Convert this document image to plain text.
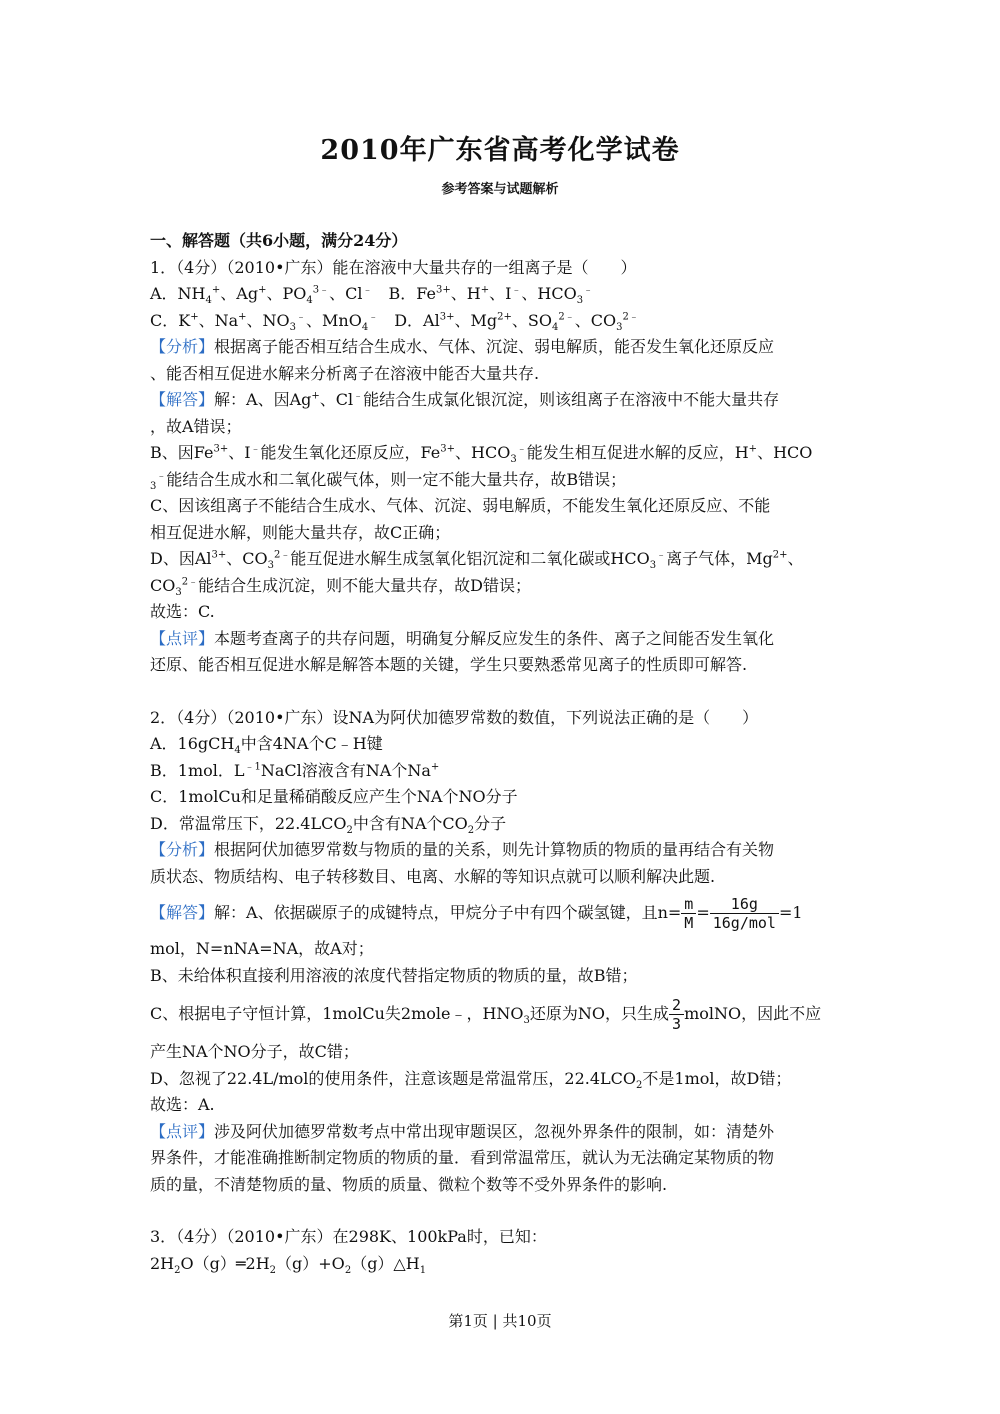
2010年广东省高考化学试卷
参考答案与试题解析
一、解答题（共6小题，满分24分）
1．（4分）（2010•广东）能在溶液中大量共存的一组离子是（　　）
A．$NH_4^+$、Ag+、$PO_4^{3﹣}$、Cl﹣　B．$Fe^{3+}$、H+、I﹣、$HCO_3^﹣$
C．K+、Na+、$NO_3^﹣$、MnO$_4$﹣　D．$Al^{3+}$、$Mg^{2+}$、$SO_4^{2﹣}$、$CO_3^{2﹣}$
【分析】根据离子能否相互结合生成水、气体、沉淀、弱电解质，能否发生氧化还原反应
、能否相互促进水解来分析离子在溶液中能否大量共存.
【解答】解：A、因Ag+、Cl﹣能结合生成氯化银沉淀，则该组离子在溶液中不能大量共存
，故A错误；
B、因$Fe^{3+}$、I﹣能发生氧化还原反应，$Fe^{3+}$、$HCO_3^﹣$能发生相互促进水解的反应，H+、HCO
$_3$﹣能结合生成水和二氧化碳气体，则一定不能大量共存，故B错误；
C、因该组离子不能结合生成水、气体、沉淀、弱电解质，不能发生氧化还原反应、不能
相互促进水解，则能大量共存，故C正确；
D、因$Al^{3+}$、$CO_3^{2﹣}$能互促进水解生成氢氧化铝沉淀和二氧化碳或$HCO_3^﹣$离子气体，$Mg^{2+}$、
$CO_3^{2﹣}$能结合生成沉淀，则不能大量共存，故D错误；
故选：C.
【点评】本题考查离子的共存问题，明确复分解反应发生的条件、离子之间能否发生氧化
还原、能否相互促进水解是解答本题的关键，学生只要熟悉常见离子的性质即可解答.
2．（4分）（2010•广东）设NA为阿伏加德罗常数的数值，下列说法正确的是（　　）
A．16gCH$_4$中含4NA个C﹣H键
B．1mol．$L^{﹣1}NaCl$溶液含有NA个Na+
C．1molCu和足量稀硝酸反应产生个NA个NO分子
D．常温常压下，$22.4LCO_2$中含有NA个$CO_2$分子
【分析】根据阿伏加德罗常数与物质的量的关系，则先计算物质的物质的量再结合有关物
质状态、物质结构、电子转移数目、电离、水解的等知识点就可以顺利解决此题.
【解答】解：A、依据碳原子的成键特点，甲烷分子中有四个碳氢键，且$n= \frac{m}{M} = \frac{16g}{\text{16g/mol}} =1$
mol，N=nNA=NA，故A对；
B、未给体积直接利用溶液的浓度代替指定物质的物质的量，故B错；
C、根据电子守恒计算，1molCu失2mole﹣，$HNO_3$还原为NO，只生成 $\frac{2}{3}$ molNO，因此不应
产生NA个NO分子，故C错；
D、忽视了22.4L/mol的使用条件，注意该题是常温常压，$22.4LCO_2$不是1mol，故D错；
故选：A.
【点评】涉及阿伏加德罗常数考点中常出现审题误区，忽视外界条件的限制，如：清楚外
界条件，才能准确推断制定物质的物质的量．看到常温常压，就认为无法确定某物质的物
质的量，不清楚物质的量、物质的质量、微粒个数等不受外界条件的影响.
3．（4分）（2010•广东）在298K、100kPa时，已知：
$2H_2O(g)═2H_2(g)+O_2(g)\triangle H_1$
第1页 | 共10页
